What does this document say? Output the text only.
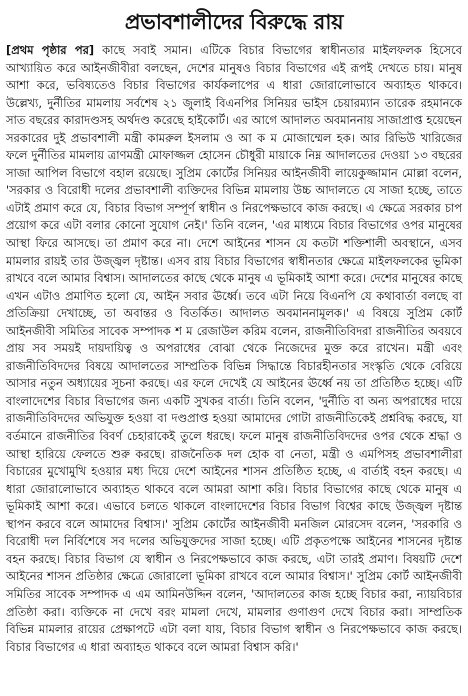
প্রভাবশালীদের বিরুদ্ধে রায়

[প্রথম পৃষ্ঠার পর] কাছে সবাই সমান। এটিকে বিচার বিভাগের স্বাধীনতার মাইলফলক হিসেবে আখ্যায়িত করে আইনজীবীরা বলছেন, দেশের মানুষও বিচার বিভাগের এই রূপই দেখতে চায়। মানুষ আশা করে, ভবিষ্যতেও বিচার বিভাগের কার্যকলাপের এ ধারা জোরালোভাবে অব্যাহত থাকবে। উল্লেখ্য, দুর্নীতির মামলায় সর্বশেষ ২১ জুলাই বিএনপির সিনিয়র ভাইস চেয়ারম্যান তারেক রহমানকে সাত বছরের কারাদণ্ডসহ অর্থদণ্ড করেছে হাইকোর্ট। এর আগে আদালত অবমাননায় সাজাপ্রাপ্ত হয়েছেন সরকারের দুই প্রভাবশালী মন্ত্রী কামরুল ইসলাম ও আ ক ম মোজাম্মেল হক। আর রিভিউ খারিজের ফলে দুর্নীতির মামলায় ত্রাণমন্ত্রী মোফাজ্জল হোসেন চৌধুরী মায়াকে নিম্ন আদালতের দেওয়া ১৩ বছরের সাজা আপিল বিভাগে বহাল রয়েছে। সুপ্রিম কোর্টের সিনিয়র আইনজীবী লায়েকুজ্জামান মোল্লা বলেন, 'সরকার ও বিরোধী দলের প্রভাবশালী ব্যক্তিদের বিভিন্ন মামলায় উচ্চ আদালতে যে সাজা হচ্ছে, তাতে এটাই প্রমাণ করে যে, বিচার বিভাগ সম্পূর্ণ স্বাধীন ও নিরপেক্ষভাবে কাজ করছে। এ ক্ষেত্রে সরকার চাপ প্রয়োগ করে এটা বলার কোনো সুযোগ নেই।' তিনি বলেন, 'এর মাধ্যমে বিচার বিভাগের ওপর মানুষের আস্থা ফিরে আসছে। তা প্রমাণ করে না। দেশে আইনের শাসন যে কতটা শক্তিশালী অবস্থানে, এসব মামলার রায়ই তার উজ্জ্বল দৃষ্টান্ত। এসব রায় বিচার বিভাগের স্বাধীনতার ক্ষেত্রে মাইলফলকের ভূমিকা রাখবে বলে আমার বিশ্বাস। আদালতের কাছে থেকে মানুষ এ ভূমিকাই আশা করে। দেশের মানুষের কাছে এখন এটাও প্রমাণিত হলো যে, আইন সবার ঊর্ধ্বে। তবে এটা নিয়ে বিএনপি যে কথাবার্তা বলছে বা প্রতিক্রিয়া দেখাচ্ছে, তা অবান্তর ও বিতর্কিত। আদালত অবমাননামূলক।' এ বিষয়ে সুপ্রিম কোর্ট আইনজীবী সমিতির সাবেক সম্পাদক শ ম রেজাউল করিম বলেন, রাজনীতিবিদরা রাজনীতির অবয়বে প্রায় সব সময়ই দায়দায়িত্ব ও অপরাধের বোঝা থেকে নিজেদের মুক্ত করে রাখেন। মন্ত্রী এবং রাজনীতিবিদদের বিষয়ে আদালতের সাম্প্রতিক বিভিন্ন সিদ্ধান্তে বিচারহীনতার সংস্কৃতি থেকে বেরিয়ে আসার নতুন অধ্যায়ের সূচনা করছে। এর ফলে দেখেই যে আইনের ঊর্ধ্বে নয় তা প্রতিষ্ঠিত হচ্ছে। এটি বাংলাদেশের বিচার বিভাগের জন্য একটি সুখকর বার্তা। তিনি বলেন, 'দুর্নীতি বা অন্য অপরাধের দায়ে রাজনীতিবিদদের অভিযুক্ত হওয়া বা দণ্ডপ্রাপ্ত হওয়া আমাদের গোটা রাজনীতিকেই প্রশ্নবিদ্ধ করছে, যা বর্তমানে রাজনীতির বিবর্ণ চেহারাকেই তুলে ধরছে। ফলে মানুষ রাজনীতিবিদদের ওপর থেকে শ্রদ্ধা ও আস্থা হারিয়ে ফেলতে শুরু করছে। রাজনৈতিক দল হোক বা নেতা, মন্ত্রী ও এমপিসহ প্রভাবশালীরা বিচারের মুখোমুখি হওয়ার মধ্য দিয়ে দেশে আইনের শাসন প্রতিষ্ঠিত হচ্ছে, এ বার্তাই বহন করছে। এ ধারা জোরালোভাবে অব্যাহত থাকবে বলে আমরা আশা করি। বিচার বিভাগের কাছে থেকে মানুষ এ ভূমিকাই আশা করে। এভাবে চলতে থাকলে বাংলাদেশের বিচার বিভাগ বিশ্বের কাছে উজ্জ্বল দৃষ্টান্ত স্থাপন করবে বলে আমাদের বিশ্বাস।' সুপ্রিম কোর্টের আইনজীবী মনজিল মোরসেদ বলেন, 'সরকারি ও বিরোধী দল নির্বিশেষে সব দলের অভিযুক্তদের সাজা হচ্ছে। এটি প্রকৃতপক্ষে আইনের শাসনের দৃষ্টান্ত বহন করছে। বিচার বিভাগ যে স্বাধীন ও নিরপেক্ষভাবে কাজ করছে, এটা তারই প্রমাণ। বিষয়টি দেশে আইনের শাসন প্রতিষ্ঠার ক্ষেত্রে জোরালো ভূমিকা রাখবে বলে আমার বিশ্বাস।' সুপ্রিম কোর্ট আইনজীবী সমিতির সাবেক সম্পাদক এ এম আমিনউদ্দিন বলেন, 'আদালতের কাজ হচ্ছে বিচার করা, ন্যায়বিচার প্রতিষ্ঠা করা। ব্যক্তিকে না দেখে বরং মামলা দেখে, মামলার গুণাগুণ দেখে বিচার করা। সাম্প্রতিক বিভিন্ন মামলার রায়ের প্রেক্ষাপটে এটা বলা যায়, বিচার বিভাগ স্বাধীন ও নিরপেক্ষভাবে কাজ করছে। বিচার বিভাগের এ ধারা অব্যাহত থাকবে বলে আমরা বিশ্বাস করি।'
